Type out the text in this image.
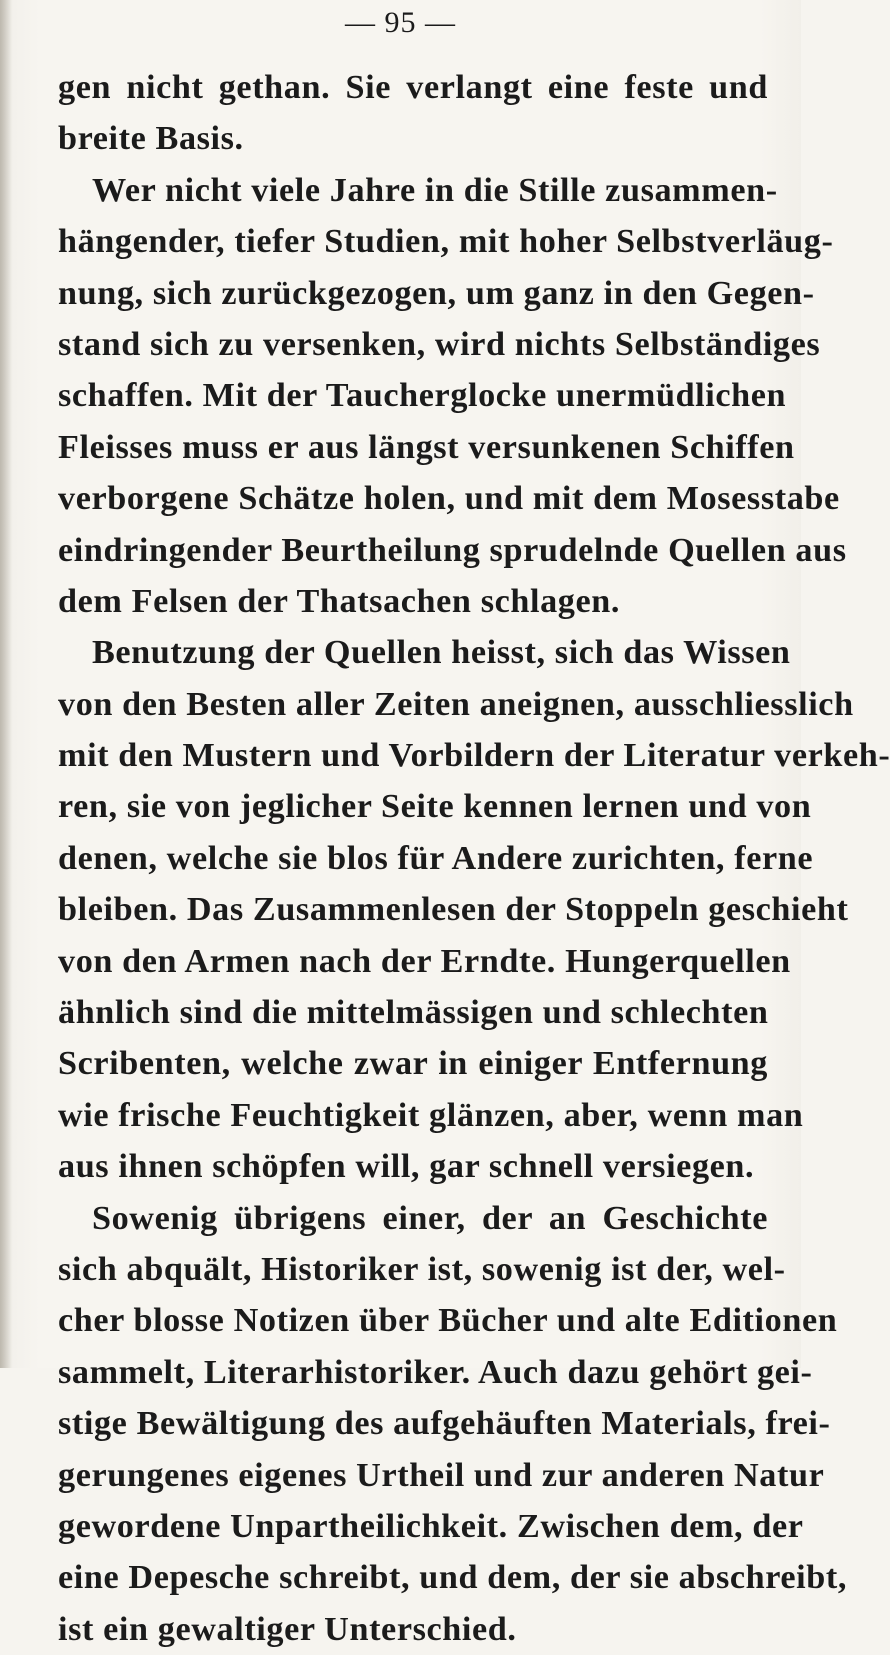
— 95 —
gen nicht gethan. Sie verlangt eine feste und
breite Basis.
Wer nicht viele Jahre in die Stille zusammen-
hängender, tiefer Studien, mit hoher Selbstverläug-
nung, sich zurückgezogen, um ganz in den Gegen-
stand sich zu versenken, wird nichts Selbständiges
schaffen. Mit der Taucherglocke unermüdlichen
Fleisses muss er aus längst versunkenen Schiffen
verborgene Schätze holen, und mit dem Mosesstabe
eindringender Beurtheilung sprudelnde Quellen aus
dem Felsen der Thatsachen schlagen.
Benutzung der Quellen heisst, sich das Wissen
von den Besten aller Zeiten aneignen, ausschliesslich
mit den Mustern und Vorbildern der Literatur verkeh-
ren, sie von jeglicher Seite kennen lernen und von
denen, welche sie blos für Andere zurichten, ferne
bleiben. Das Zusammenlesen der Stoppeln geschieht
von den Armen nach der Erndte. Hungerquellen
ähnlich sind die mittelmässigen und schlechten
Scribenten, welche zwar in einiger Entfernung
wie frische Feuchtigkeit glänzen, aber, wenn man
aus ihnen schöpfen will, gar schnell versiegen.
Sowenig übrigens einer, der an Geschichte
sich abquält, Historiker ist, sowenig ist der, wel-
cher blosse Notizen über Bücher und alte Editionen
sammelt, Literarhistoriker. Auch dazu gehört gei-
stige Bewältigung des aufgehäuften Materials, frei-
gerungenes eigenes Urtheil und zur anderen Natur
gewordene Unpartheilichkeit. Zwischen dem, der
eine Depesche schreibt, und dem, der sie abschreibt,
ist ein gewaltiger Unterschied.
